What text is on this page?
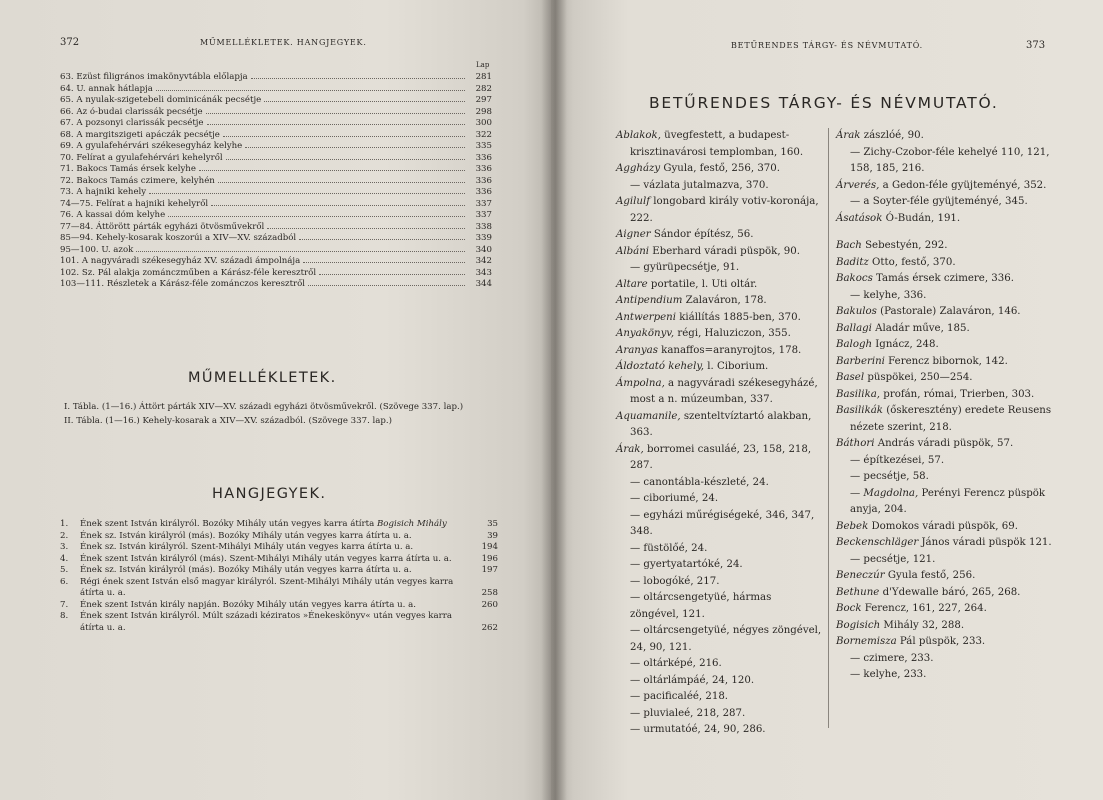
372	MŰMELLÉKLETEK. HANGJEGYEK.
Lap
63. Ezüst filigrános imakönyvtábla előlapja	281
64. U. annak hátlapja	282
65. A nyulak-szigetebeli dominicánák pecsétje	297
66. Az ó-budai clarissák pecsétje	298
67. A pozsonyi clarissák pecsétje	300
68. A margitszigeti apáczák pecsétje	322
69. A gyulafehérvári székesegyház kelyhe	335
70. Felírat a gyulafehérvári kehelyről	336
71. Bakocs Tamás érsek kelyhe	336
72. Bakocs Tamás czimere, kelyhén	336
73. A hajniki kehely	336
74—75. Felírat a hajniki kehelyről	337
76. A kassai dóm kelyhe	337
77—84. Áttörött párták egyházi ötvösművekről	338
85—94. Kehely-kosarak koszorúi a XIV—XV. századból	339
95—100. U. azok	340
101. A nagyváradi székesegyház XV. századi ámpolnája	342
102. Sz. Pál alakja zománczműben a Kárász-féle keresztről	343
103—111. Részletek a Kárász-féle zománczos keresztről	344
MŰMELLÉKLETEK.
I. Tábla. (1—16.) Áttört párták XIV—XV. századi egyházi ötvösművekről. (Szövege 337. lap.)
II. Tábla. (1—16.) Kehely-kosarak a XIV—XV. századból. (Szövege 337. lap.)
HANGJEGYEK.
1. Ének szent István királyról. Bozóky Mihály után vegyes karra átírta Bogisich Mihály	35
2. Ének sz. István királyról (más). Bozóky Mihály után vegyes karra átírta u. a.	39
3. Ének sz. István királyról. Szent-Mihályi Mihály után vegyes karra átírta u. a.	194
4. Ének szent István királyról (más). Szent-Mihályi Mihály után vegyes karra átírta u. a.	196
5. Ének sz. István királyról (más). Bozóky Mihály után vegyes karra átírta u. a.	197
6. Régi ének szent István első magyar királyról. Szent-Mihályi Mihály után vegyes karra átírta u. a.	258
7. Ének szent István király napján. Bozóky Mihály után vegyes karra átírta u. a.	260
8. Ének szent István királyról. Múlt századi kéziratos »Énekeskönyv« után vegyes karra átírta u. a.	262
BETŰRENDES TÁRGY- ÉS NÉVMUTATÓ.	373
BETŰRENDES TÁRGY- ÉS NÉVMUTATÓ.
Ablakok, üvegfestett, a budapest-krisztinavárosi templomban, 160.
Aggházy Gyula, festő, 256, 370.
— vázlata jutalmazva, 370.
Agilulf longobard király votiv-koronája, 222.
Aigner Sándor építész, 56.
Albáni Eberhard váradi püspök, 90.
— gyürüpecsétje, 91.
Altare portatile, l. Uti oltár.
Antipendium Zalaváron, 178.
Antwerpeni kiállítás 1885-ben, 370.
Anyakönyv, régi, Haluziczon, 355.
Aranyas kanaffos=aranyrojtos, 178.
Áldoztató kehely, l. Ciborium.
Ámpolna, a nagyváradi székesegyházé, most a n. múzeumban, 337.
Aquamanile, szenteltvíztartó alakban, 363.
Árak, borromei casuláé, 23, 158, 218, 287.
— canontábla-készleté, 24.
— ciboriumé, 24.
— egyházi műrégiségeké, 346, 347, 348.
— füstölőé, 24.
— gyertyatartóké, 24.
— lobogóké, 217.
— oltárcsengetyüé, hármas zöngével, 121.
— oltárcsengetyüé, négyes zöngével, 24, 90, 121.
— oltárképé, 216.
— oltárlámpáé, 24, 120.
— pacificaléé, 218.
— pluvialeé, 218, 287.
— urmutatóé, 24, 90, 286.
Árak zászlóé, 90.
— Zichy-Czobor-féle kehelyé 110, 121, 158, 185, 216.
Árverés, a Gedon-féle gyüjteményé, 352.
— a Soyter-féle gyüjteményé, 345.
Ásatások Ó-Budán, 191.
Bach Sebestyén, 292.
Baditz Otto, festő, 370.
Bakocs Tamás érsek czimere, 336.
— kelyhe, 336.
Bakulos (Pastorale) Zalaváron, 146.
Ballagi Aladár műve, 185.
Balogh Ignácz, 248.
Barberini Ferencz bibornok, 142.
Basel püspökei, 250—254.
Basilika, profán, római, Trierben, 303.
Basilikák (őskeresztény) eredete Reusens nézete szerint, 218.
Báthori András váradi püspök, 57.
— építkezései, 57.
— pecsétje, 58.
— Magdolna, Perényi Ferencz püspök anyja, 204.
Bebek Domokos váradi püspök, 69.
Beckenschläger János váradi püspök 121.
— pecsétje, 121.
Beneczúr Gyula festő, 256.
Bethune d'Ydewalle báró, 265, 268.
Bock Ferencz, 161, 227, 264.
Bogisich Mihály 32, 288.
Bornemisza Pál püspök, 233.
— czimere, 233.
— kelyhe, 233.
